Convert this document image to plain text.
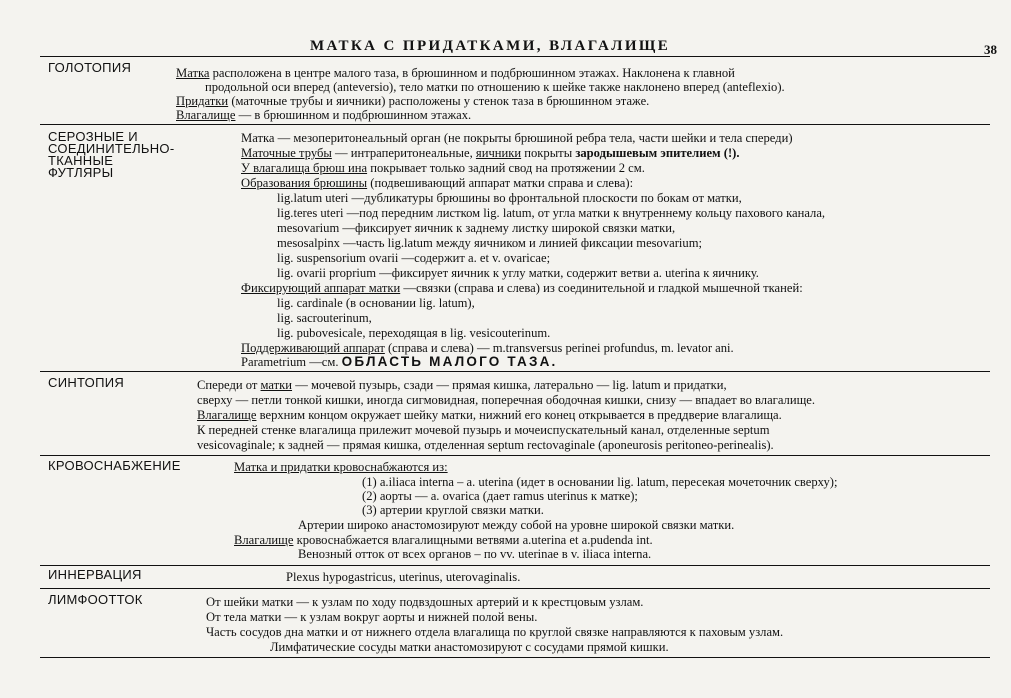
МАТКА С ПРИДАТКАМИ, ВЛАГАЛИЩЕ	38
ГОЛОТОПИЯ	Матка расположена в центре малого таза, в брюшинном и подбрюшинном этажах. Наклонена к главной
продольной оси вперед (anteversio), тело матки по отношению к шейке также наклонено вперед (anteflexio).
Придатки (маточные трубы и яичники) расположены у стенок таза в брюшинном этаже.
Влагалище — в брюшинном и подбрюшинном этажах.
СЕРОЗНЫЕ И
СОЕДИНИТЕЛЬНО-
ТКАННЫЕ
ФУТЛЯРЫ
Матка — мезоперитонеальный орган (не покрыты брюшиной ребра тела, части шейки и тела спереди)
Маточные трубы — интраперитонеальные, яичники покрыты зародышевым эпителием (!).
У влагалища брюш ина покрывает только задний свод на протяжении 2 см.
Образования брюшины (подвешивающий аппарат матки справа и слева):
lig.latum uteri —дубликатуры брюшины во фронтальной плоскости по бокам от матки,
lig.teres uteri —под передним листком lig. latum, от угла матки к внутреннему кольцу пахового канала,
mesovarium —фиксирует яичник к заднему листку широкой связки матки,
mesosalpinx —часть lig.latum между яичником и линией фиксации mesovarium;
lig. suspensorium ovarii —содержит a. et v. ovaricae;
lig. ovarii proprium —фиксирует яичник к углу матки, содержит ветви a. uterina к яичнику.
Фиксирующий аппарат матки —связки (справа и слева) из соединительной и гладкой мышечной тканей:
lig. cardinale (в основании lig. latum),
lig. sacrouterinum,
lig. pubovesicale, переходящая в lig. vesicouterinum.
Поддерживающий аппарат (справа и слева) — m.transversus perinei profundus, m. levator ani.
Parametrium —см. ОБЛАСТЬ МАЛОГО ТАЗА.
СИНТОПИЯ	Спереди от матки — мочевой пузырь, сзади — прямая кишка, латерально — lig. latum и придатки,
сверху — петли тонкой кишки, иногда сигмовидная, поперечная ободочная кишки, снизу — впадает во влагалище.
Влагалище верхним концом окружает шейку матки, нижний его конец открывается в преддверие влагалища.
К передней стенке влагалища прилежит мочевой пузырь и мочеиспускательный канал, отделенные septum
vesicovaginale; к задней — прямая кишка, отделенная septum rectovaginale (aponeurosis peritoneo-perinealis).
КРОВОСНАБЖЕНИЕ	Матка и придатки кровоснабжаются из:
(1) a.iliaca interna – a. uterina (идет в основании lig. latum, пересекая мочеточник сверху);
(2) аорты — a. ovarica (дает ramus uterinus к матке);
(3) артерии круглой связки матки.
Артерии широко анастомозируют между собой на уровне широкой связки матки.
Влагалище кровоснабжается влагалищными ветвями a.uterina et a.pudenda int.
Венозный отток от всех органов – по vv. uterinae в v. iliaca interna.
ИННЕРВАЦИЯ	Plexus hypogastricus, uterinus, uterovaginalis.
ЛИМФООТТОК	От шейки матки — к узлам по ходу подвздошных артерий и к крестцовым узлам.
От тела матки — к узлам вокруг аорты и нижней полой вены.
Часть сосудов дна матки и от нижнего отдела влагалища по круглой связке направляются к паховым узлам.
Лимфатические сосуды матки анастомозируют с сосудами прямой кишки.
